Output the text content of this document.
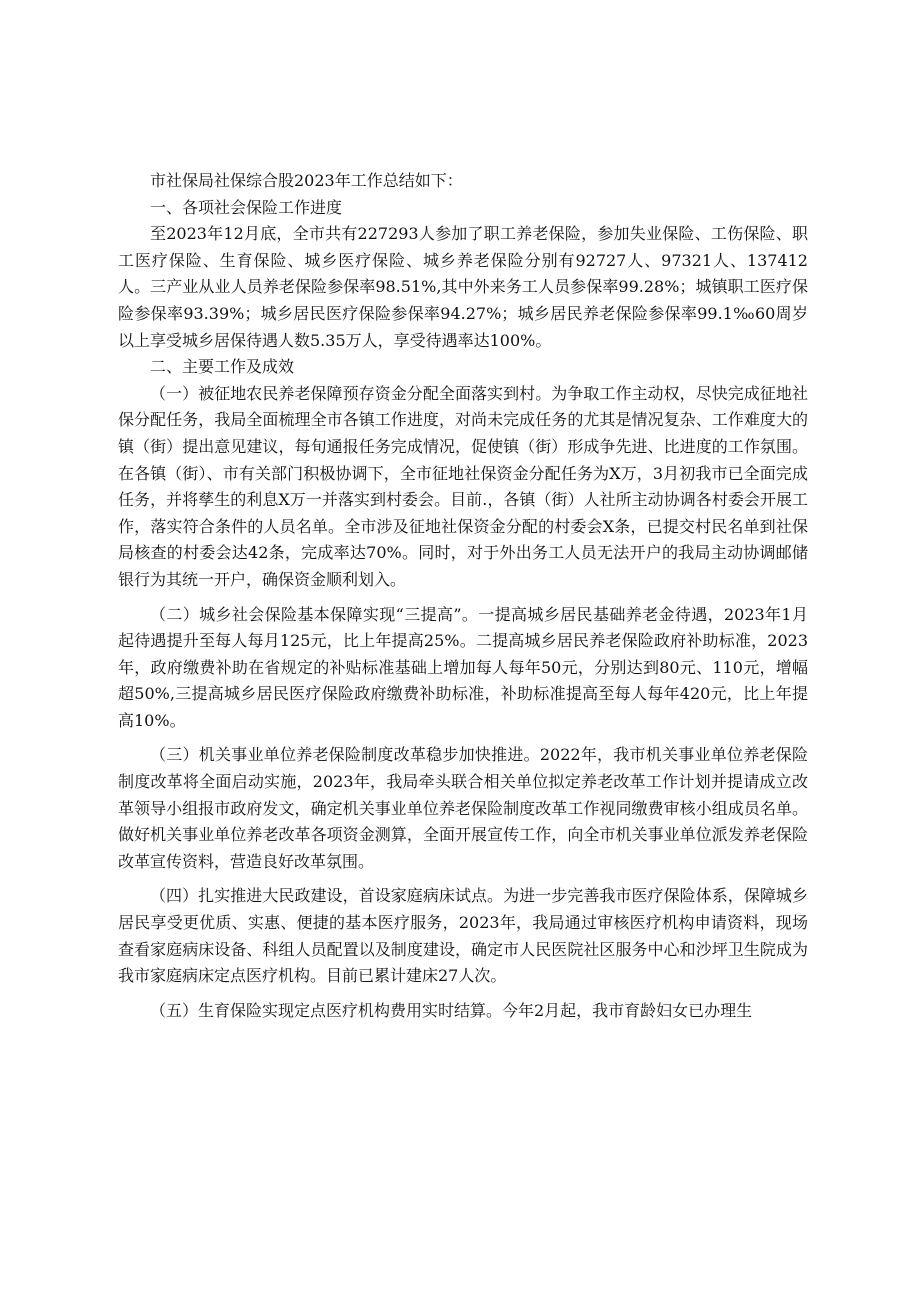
市社保局社保综合股2023年工作总结如下：

一、各项社会保险工作进度

至2023年12月底，全市共有227293人参加了职工养老保险，参加失业保险、工伤保险、职工医疗保险、生育保险、城乡医疗保险、城乡养老保险分别有92727人、97321人、137412人。三产业从业人员养老保险参保率98.51%,其中外来务工人员参保率99.28%；城镇职工医疗保险参保率93.39%；城乡居民医疗保险参保率94.27%；城乡居民养老保险参保率99.1‰60周岁以上享受城乡居保待遇人数5.35万人，享受待遇率达100%。

二、主要工作及成效

（一）被征地农民养老保障预存资金分配全面落实到村。为争取工作主动权，尽快完成征地社保分配任务，我局全面梳理全市各镇工作进度，对尚未完成任务的尤其是情况复杂、工作难度大的镇（街）提出意见建议，每旬通报任务完成情况，促使镇（街）形成争先进、比进度的工作氛围。在各镇（街）、市有关部门积极协调下，全市征地社保资金分配任务为X万，3月初我市已全面完成任务，并将孳生的利息X万一并落实到村委会。目前.，各镇（街）人社所主动协调各村委会开展工作，落实符合条件的人员名单。全市涉及征地社保资金分配的村委会X条，已提交村民名单到社保局核查的村委会达42条，完成率达70%。同时，对于外出务工人员无法开户的我局主动协调邮储银行为其统一开户，确保资金顺利划入。

（二）城乡社会保险基本保障实现“三提高”。一提高城乡居民基础养老金待遇，2023年1月起待遇提升至每人每月125元，比上年提高25%。二提高城乡居民养老保险政府补助标准，2023年，政府缴费补助在省规定的补贴标准基础上增加每人每年50元，分别达到80元、110元，增幅超50%,三提高城乡居民医疗保险政府缴费补助标准，补助标准提高至每人每年420元，比上年提高10%。

（三）机关事业单位养老保险制度改革稳步加快推进。2022年，我市机关事业单位养老保险制度改革将全面启动实施，2023年，我局牵头联合相关单位拟定养老改革工作计划并提请成立改革领导小组报市政府发文，确定机关事业单位养老保险制度改革工作视同缴费审核小组成员名单。做好机关事业单位养老改革各项资金测算，全面开展宣传工作，向全市机关事业单位派发养老保险改革宣传资料，营造良好改革氛围。

（四）扎实推进大民政建设，首设家庭病床试点。为进一步完善我市医疗保险体系，保障城乡居民享受更优质、实惠、便捷的基本医疗服务，2023年，我局通过审核医疗机构申请资料，现场查看家庭病床设备、科组人员配置以及制度建设，确定市人民医院社区服务中心和沙坪卫生院成为我市家庭病床定点医疗机构。目前已累计建床27人次。

（五）生育保险实现定点医疗机构费用实时结算。今年2月起，我市育龄妇女已办理生
